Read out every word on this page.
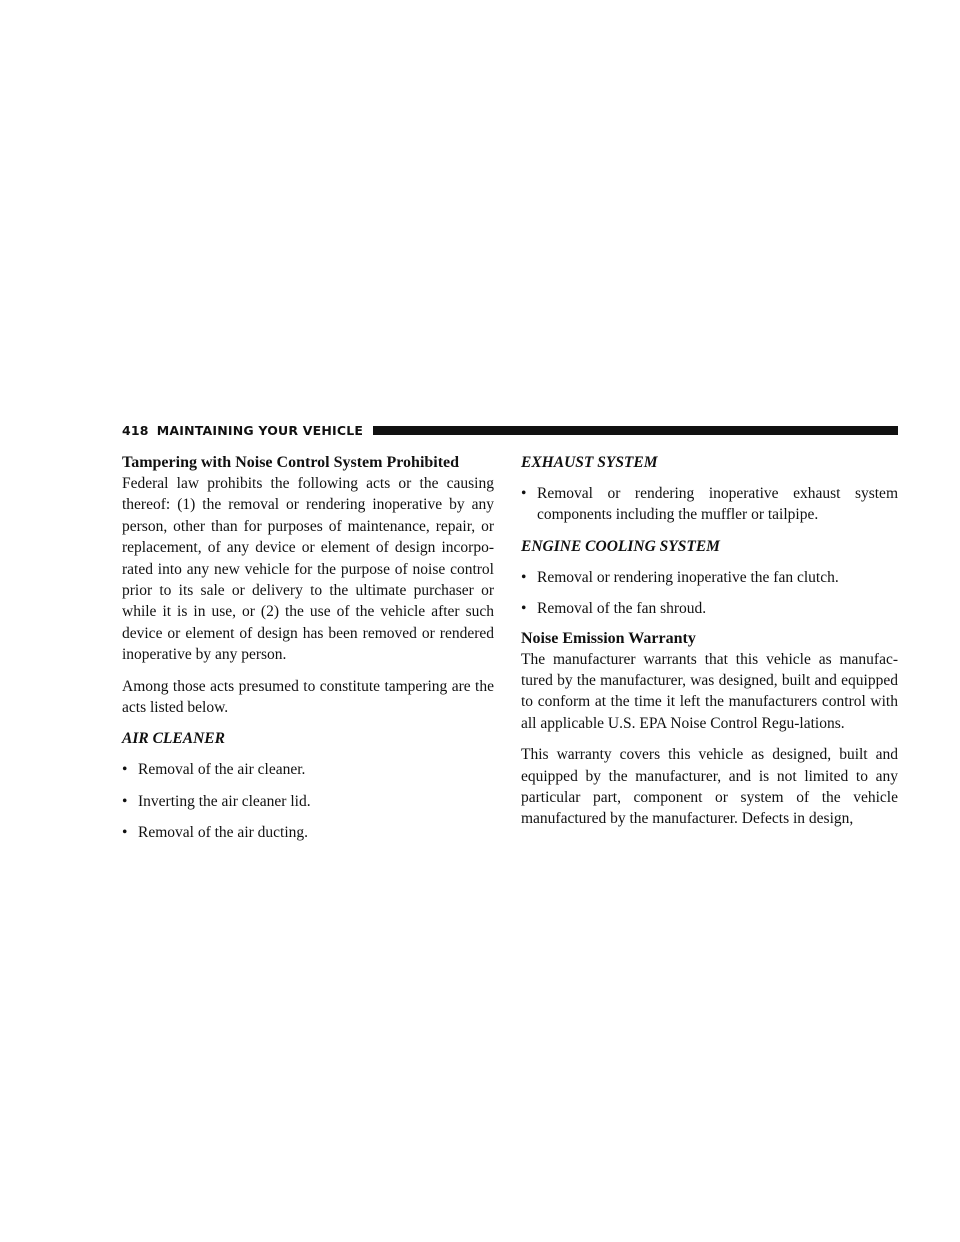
418 MAINTAINING YOUR VEHICLE
Tampering with Noise Control System Prohibited

Federal law prohibits the following acts or the causing thereof: (1) the removal or rendering inoperative by any person, other than for purposes of maintenance, repair, or replacement, of any device or element of design incorpo-rated into any new vehicle for the purpose of noise control prior to its sale or delivery to the ultimate purchaser or while it is in use, or (2) the use of the vehicle after such device or element of design has been removed or rendered inoperative by any person.

Among those acts presumed to constitute tampering are the acts listed below.

AIR CLEANER
• Removal of the air cleaner.
• Inverting the air cleaner lid.
• Removal of the air ducting.
EXHAUST SYSTEM
• Removal or rendering inoperative exhaust system components including the muffler or tailpipe.
ENGINE COOLING SYSTEM
• Removal or rendering inoperative the fan clutch.
• Removal of the fan shroud.
Noise Emission Warranty

The manufacturer warrants that this vehicle as manufac-tured by the manufacturer, was designed, built and equipped to conform at the time it left the manufacturers control with all applicable U.S. EPA Noise Control Regu-lations.

This warranty covers this vehicle as designed, built and equipped by the manufacturer, and is not limited to any particular part, component or system of the vehicle manufactured by the manufacturer. Defects in design,
